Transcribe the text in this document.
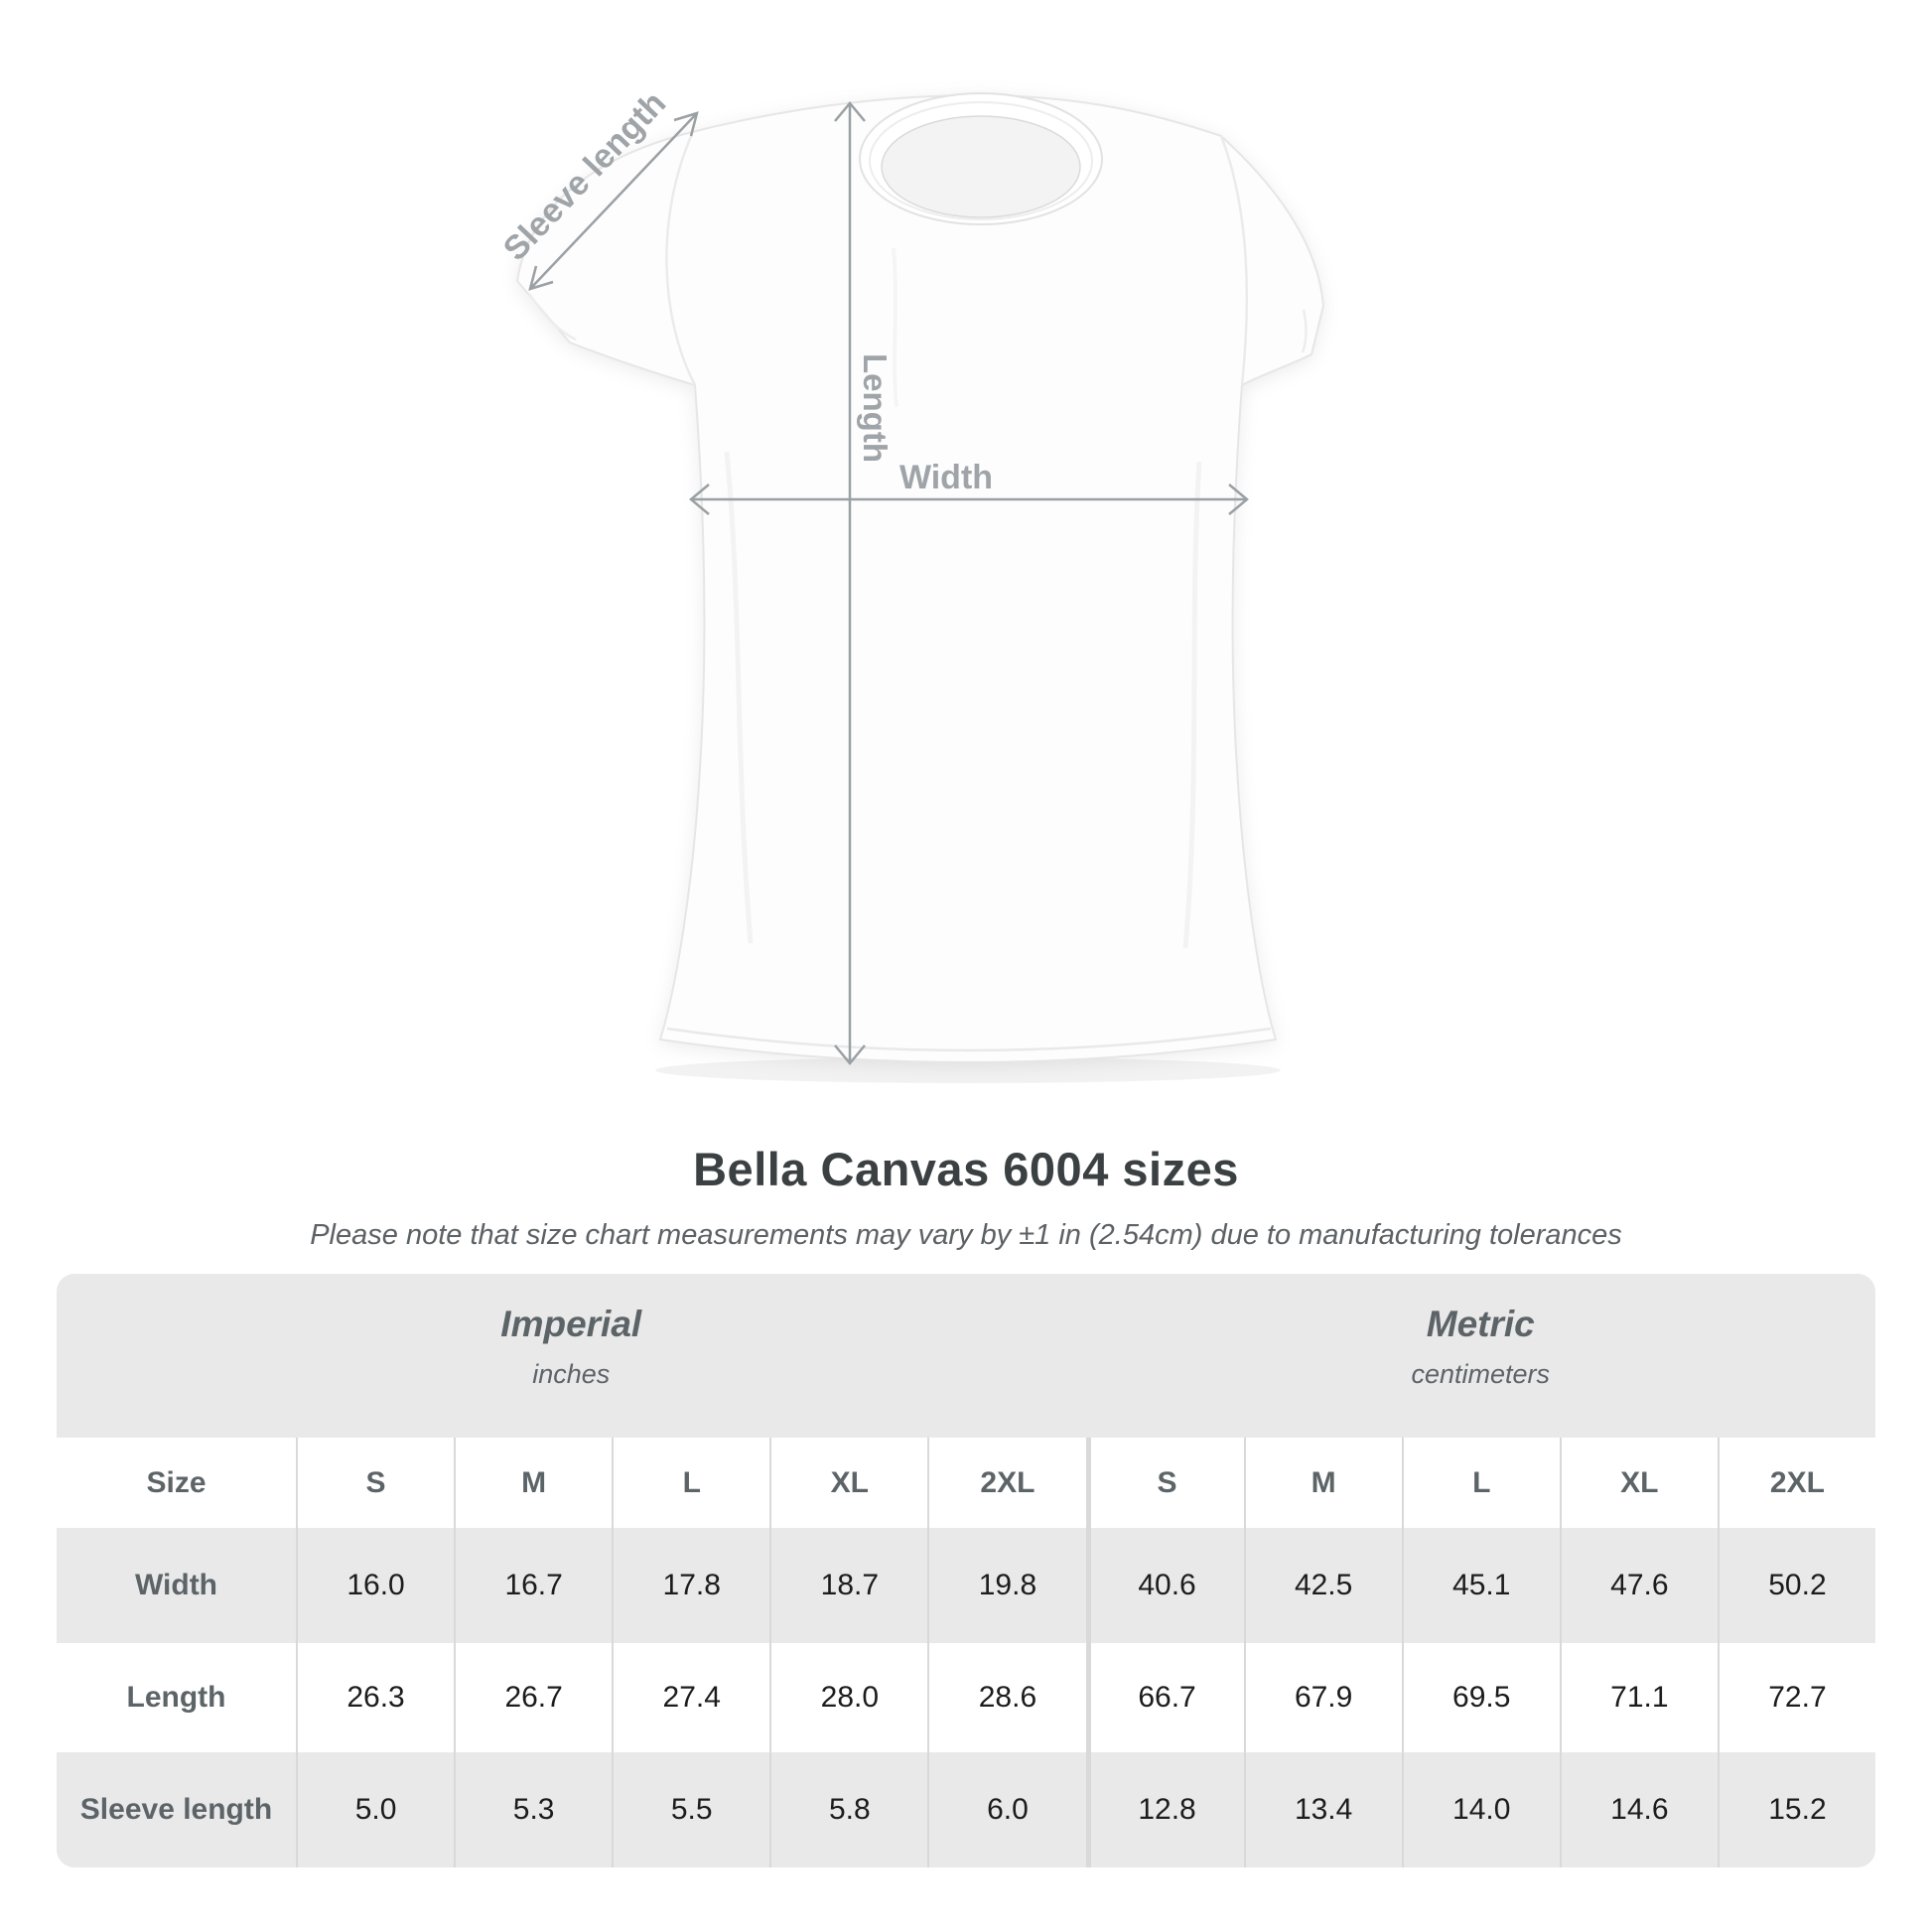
Sleeve length
Length
Width
Bella Canvas 6004 sizes
Please note that size chart measurements may vary by ±1 in (2.54cm) due to manufacturing tolerances
Imperial
inches
Metric
centimeters
Size	S	M	L	XL	2XL	S	M	L	XL	2XL
Width	16.0	16.7	17.8	18.7	19.8	40.6	42.5	45.1	47.6	50.2
Length	26.3	26.7	27.4	28.0	28.6	66.7	67.9	69.5	71.1	72.7
Sleeve length	5.0	5.3	5.5	5.8	6.0	12.8	13.4	14.0	14.6	15.2
